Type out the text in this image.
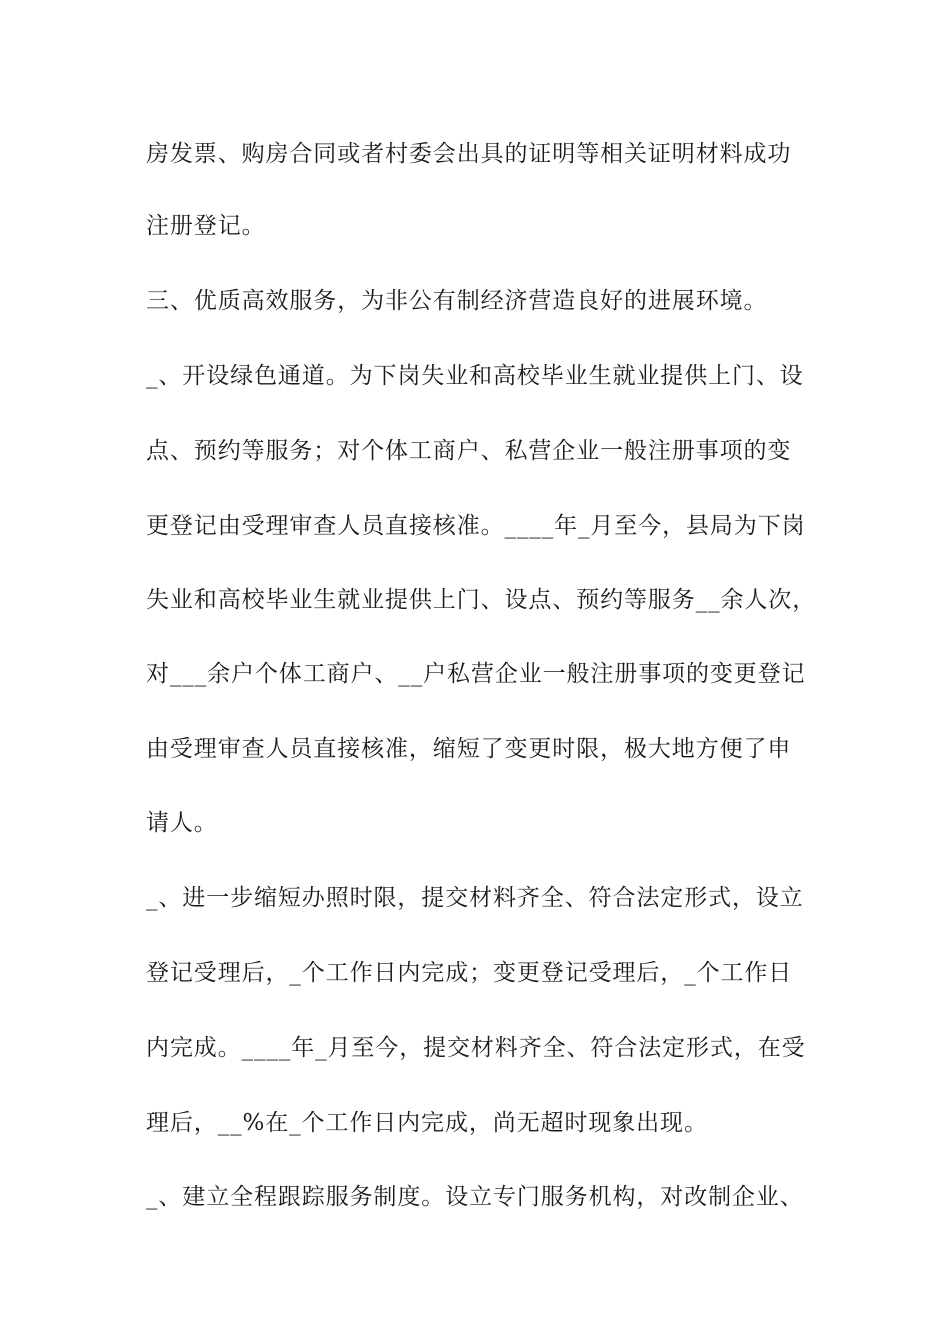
房发票、购房合同或者村委会出具的证明等相关证明材料成功
注册登记。
三、优质高效服务，为非公有制经济营造良好的进展环境。
_、开设绿色通道。为下岗失业和高校毕业生就业提供上门、设
点、预约等服务；对个体工商户、私营企业一般注册事项的变
更登记由受理审查人员直接核准。____年_月至今，县局为下岗
失业和高校毕业生就业提供上门、设点、预约等服务__余人次，
对___余户个体工商户、__户私营企业一般注册事项的变更登记
由受理审查人员直接核准，缩短了变更时限，极大地方便了申
请人。
_、进一步缩短办照时限，提交材料齐全、符合法定形式，设立
登记受理后，_个工作日内完成；变更登记受理后，_个工作日
内完成。____年_月至今，提交材料齐全、符合法定形式，在受
理后，__%在_个工作日内完成，尚无超时现象出现。
_、建立全程跟踪服务制度。设立专门服务机构，对改制企业、
